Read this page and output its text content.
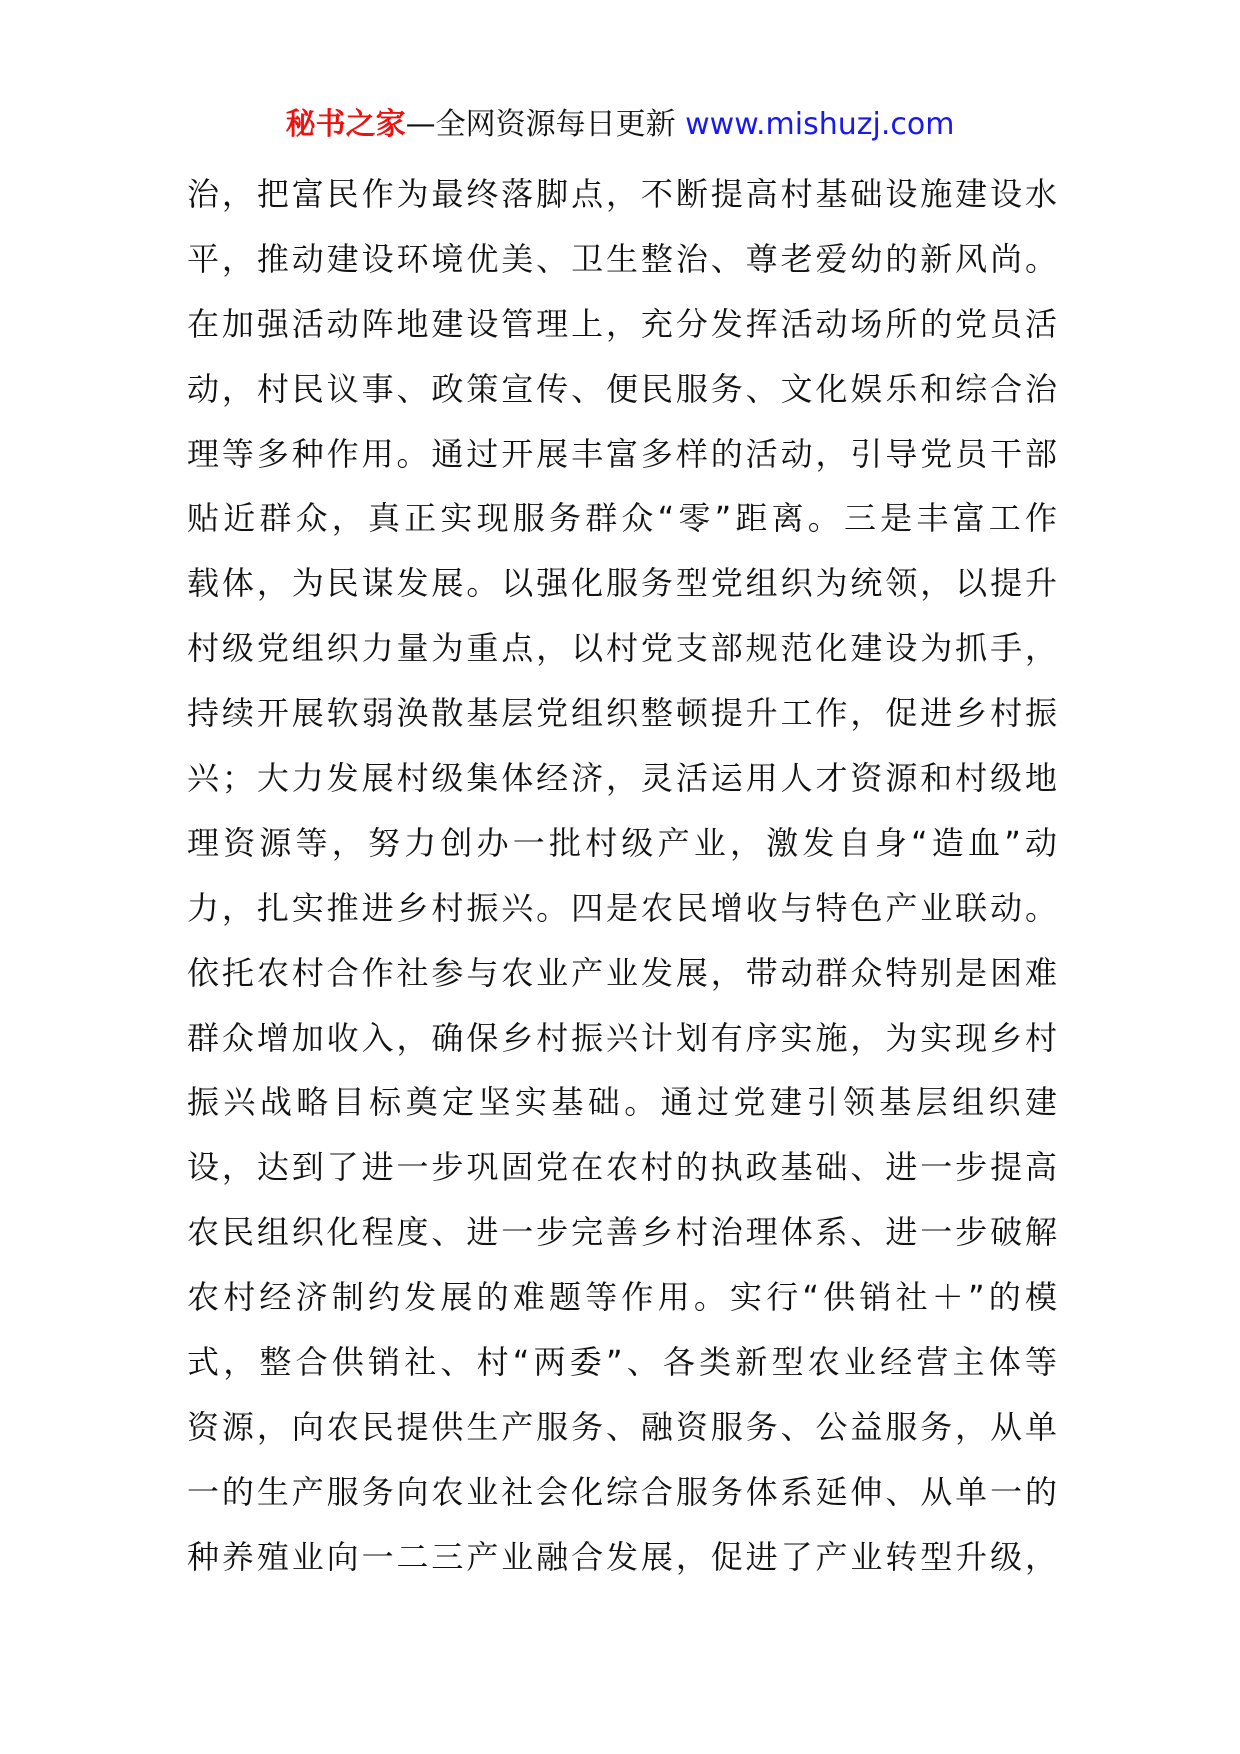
秘书之家—全网资源每日更新 www.mishuzj.com
治，把富民作为最终落脚点，不断提高村基础设施建设水
平，推动建设环境优美、卫生整治、尊老爱幼的新风尚。
在加强活动阵地建设管理上，充分发挥活动场所的党员活
动，村民议事、政策宣传、便民服务、文化娱乐和综合治
理等多种作用。通过开展丰富多样的活动，引导党员干部
贴近群众，真正实现服务群众“零”距离。三是丰富工作
载体，为民谋发展。以强化服务型党组织为统领，以提升
村级党组织力量为重点，以村党支部规范化建设为抓手，
持续开展软弱涣散基层党组织整顿提升工作，促进乡村振
兴；大力发展村级集体经济，灵活运用人才资源和村级地
理资源等，努力创办一批村级产业，激发自身“造血”动
力，扎实推进乡村振兴。四是农民增收与特色产业联动。
依托农村合作社参与农业产业发展，带动群众特别是困难
群众增加收入，确保乡村振兴计划有序实施，为实现乡村
振兴战略目标奠定坚实基础。通过党建引领基层组织建
设，达到了进一步巩固党在农村的执政基础、进一步提高
农民组织化程度、进一步完善乡村治理体系、进一步破解
农村经济制约发展的难题等作用。实行“供销社＋”的模
式，整合供销社、村“两委”、各类新型农业经营主体等
资源，向农民提供生产服务、融资服务、公益服务，从单
一的生产服务向农业社会化综合服务体系延伸、从单一的
种养殖业向一二三产业融合发展，促进了产业转型升级，
